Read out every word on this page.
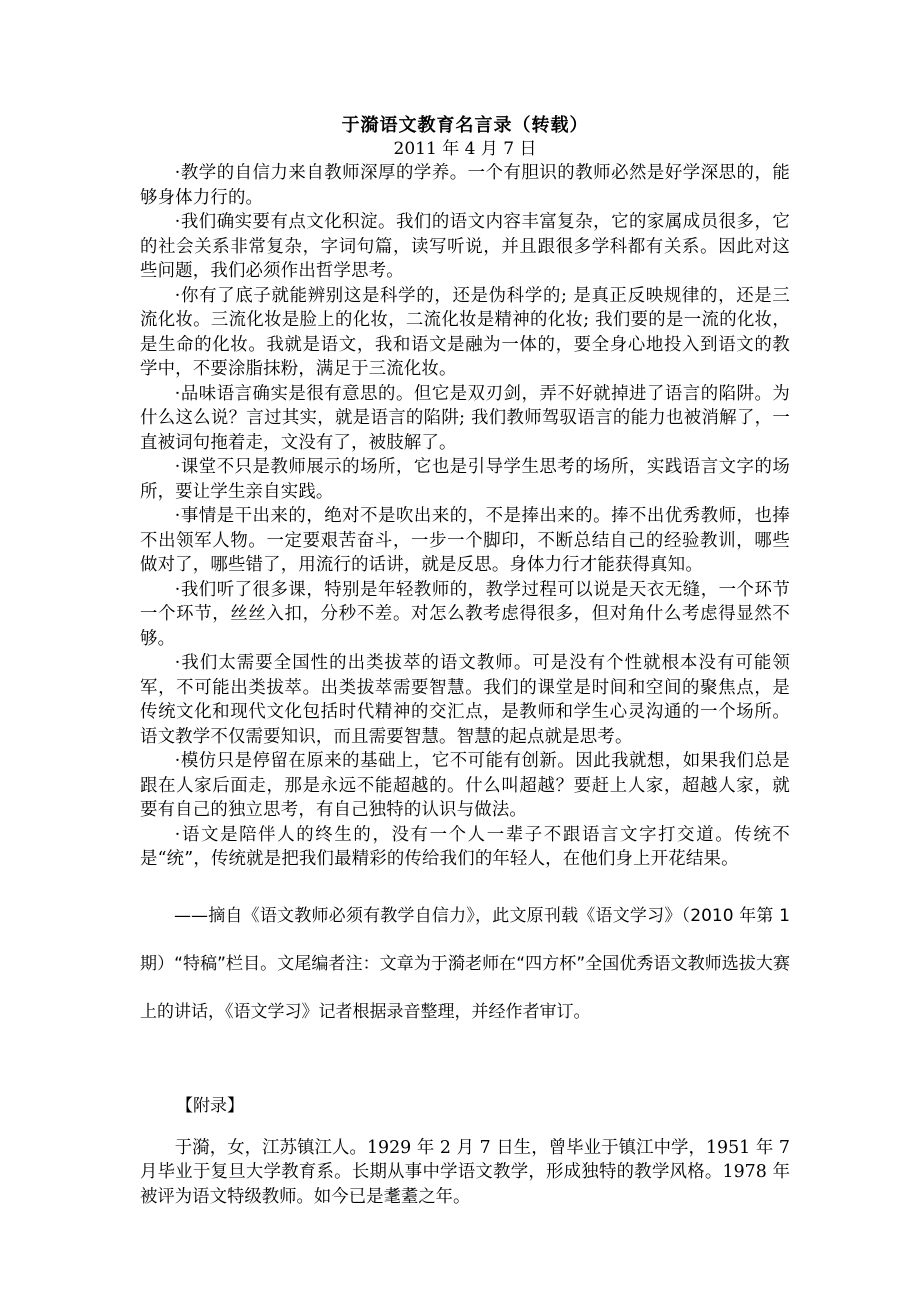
于漪语文教育名言录（转载）
2011 年 4 月 7 日

·教学的自信力来自教师深厚的学养。一个有胆识的教师必然是好学深思的，能够身体力行的。

·我们确实要有点文化积淀。我们的语文内容丰富复杂，它的家属成员很多，它的社会关系非常复杂，字词句篇，读写听说，并且跟很多学科都有关系。因此对这些问题，我们必须作出哲学思考。

·你有了底子就能辨别这是科学的，还是伪科学的; 是真正反映规律的，还是三流化妆。三流化妆是脸上的化妆，二流化妆是精神的化妆; 我们要的是一流的化妆，是生命的化妆。我就是语文，我和语文是融为一体的，要全身心地投入到语文的教学中，不要涂脂抹粉，满足于三流化妆。

·品味语言确实是很有意思的。但它是双刃剑，弄不好就掉进了语言的陷阱。为什么这么说？言过其实，就是语言的陷阱; 我们教师驾驭语言的能力也被消解了，一直被词句拖着走，文没有了，被肢解了。

·课堂不只是教师展示的场所，它也是引导学生思考的场所，实践语言文字的场所，要让学生亲自实践。

·事情是干出来的，绝对不是吹出来的，不是捧出来的。捧不出优秀教师，也捧不出领军人物。一定要艰苦奋斗，一步一个脚印，不断总结自己的经验教训，哪些做对了，哪些错了，用流行的话讲，就是反思。身体力行才能获得真知。

·我们听了很多课，特别是年轻教师的，教学过程可以说是天衣无缝，一个环节一个环节，丝丝入扣，分秒不差。对怎么教考虑得很多，但对角什么考虑得显然不够。

·我们太需要全国性的出类拔萃的语文教师。可是没有个性就根本没有可能领军，不可能出类拔萃。出类拔萃需要智慧。我们的课堂是时间和空间的聚焦点，是传统文化和现代文化包括时代精神的交汇点，是教师和学生心灵沟通的一个场所。语文教学不仅需要知识，而且需要智慧。智慧的起点就是思考。

·模仿只是停留在原来的基础上，它不可能有创新。因此我就想，如果我们总是跟在人家后面走，那是永远不能超越的。什么叫超越？要赶上人家，超越人家，就要有自己的独立思考，有自己独特的认识与做法。

·语文是陪伴人的终生的，没有一个人一辈子不跟语言文字打交道。传统不是“统”，传统就是把我们最精彩的传给我们的年轻人，在他们身上开花结果。

——摘自《语文教师必须有教学自信力》，此文原刊载《语文学习》（2010 年第 1 期）“特稿”栏目。文尾编者注：文章为于漪老师在“四方杯”全国优秀语文教师选拔大赛上的讲话，《语文学习》记者根据录音整理，并经作者审订。

【附录】

于漪，女，江苏镇江人。1929 年 2 月 7 日生，曾毕业于镇江中学，1951 年 7 月毕业于复旦大学教育系。长期从事中学语文教学，形成独特的教学风格。1978 年被评为语文特级教师。如今已是耄耋之年。
